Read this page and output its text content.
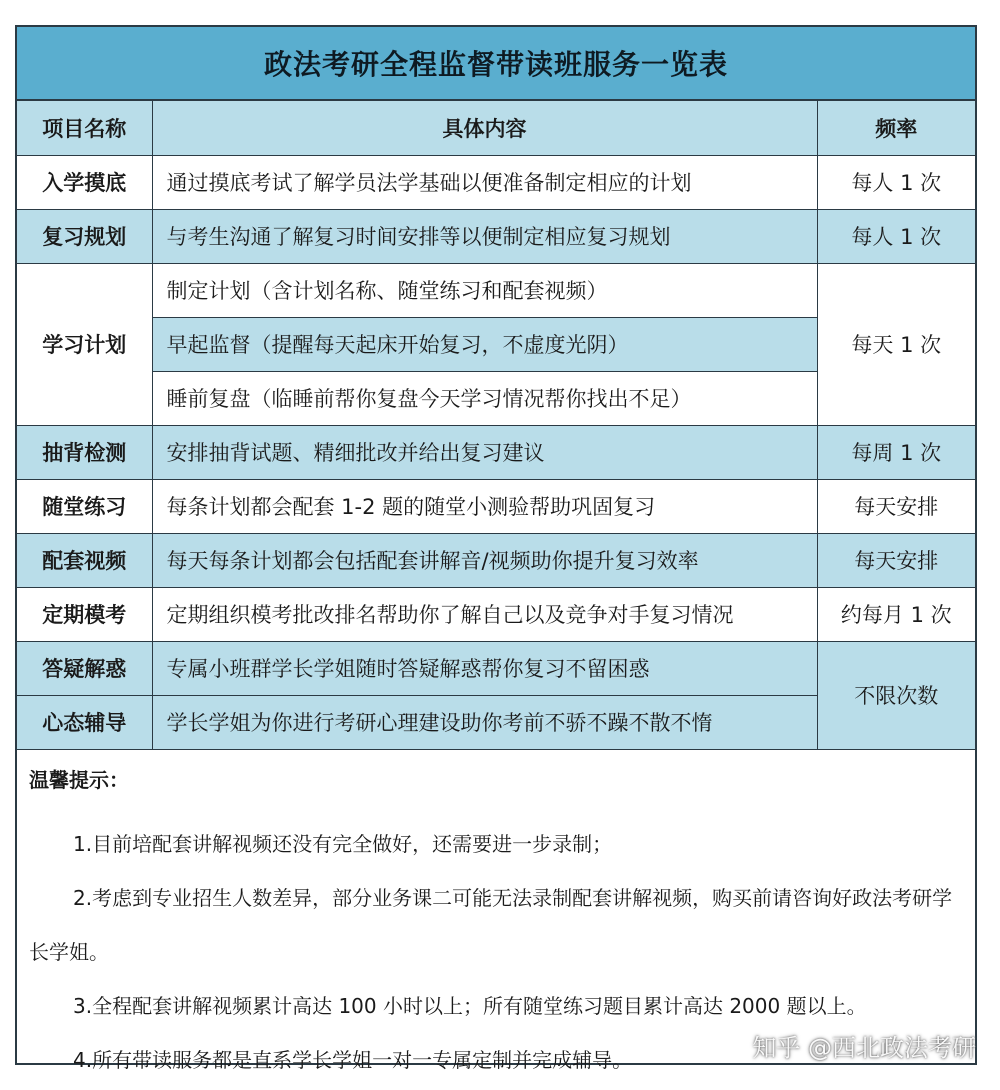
政法考研全程监督带读班服务一览表
项目名称	具体内容	频率
入学摸底	通过摸底考试了解学员法学基础以便准备制定相应的计划	每人 1 次
复习规划	与考生沟通了解复习时间安排等以便制定相应复习规划	每人 1 次
学习计划	制定计划（含计划名称、随堂练习和配套视频）	每天 1 次
	早起监督（提醒每天起床开始复习，不虚度光阴）	
	睡前复盘（临睡前帮你复盘今天学习情况帮你找出不足）	
抽背检测	安排抽背试题、精细批改并给出复习建议	每周 1 次
随堂练习	每条计划都会配套 1-2 题的随堂小测验帮助巩固复习	每天安排
配套视频	每天每条计划都会包括配套讲解音/视频助你提升复习效率	每天安排
定期模考	定期组织模考批改排名帮助你了解自己以及竞争对手复习情况	约每月 1 次
答疑解惑	专属小班群学长学姐随时答疑解惑帮你复习不留困惑	不限次数
心态辅导	学长学姐为你进行考研心理建设助你考前不骄不躁不散不惰	
温馨提示：

1.目前培配套讲解视频还没有完全做好，还需要进一步录制；

2.考虑到专业招生人数差异，部分业务课二可能无法录制配套讲解视频，购买前请咨询好政法考研学长学姐。

3.全程配套讲解视频累计高达 100 小时以上；所有随堂练习题目累计高达 2000 题以上。

4.所有带读服务都是直系学长学姐一对一专属定制并完成辅导。	知乎 @西北政法考研
